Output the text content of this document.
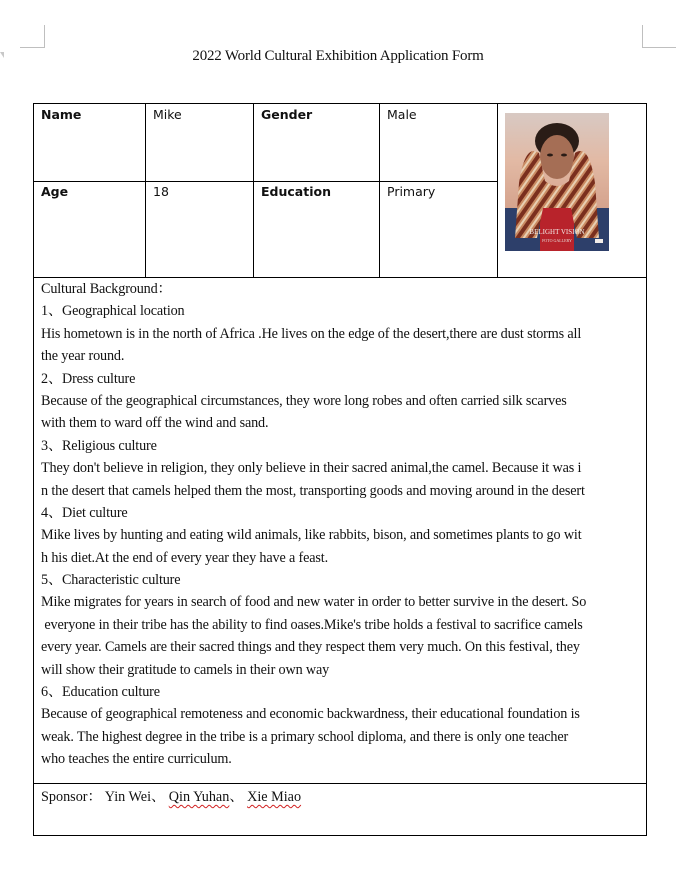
2022 World Cultural Exhibition Application Form
Name	Mike	Gender	Male
Age	18	Education	Primary
BELIGHT VISION
FOTO GALLERY
Cultural Background：
1、Geographical location
His hometown is in the north of Africa .He lives on the edge of the desert,there are dust storms all
the year round.
2、Dress culture
Because of the geographical circumstances, they wore long robes and often carried silk scarves
with them to ward off the wind and sand.
3、Religious culture
They don't believe in religion, they only believe in their sacred animal,the camel. Because it was i
n the desert that camels helped them the most, transporting goods and moving around in the desert
4、Diet culture
Mike lives by hunting and eating wild animals, like rabbits, bison, and sometimes plants to go wit
h his diet.At the end of every year they have a feast.
5、Characteristic culture
Mike migrates for years in search of food and new water in order to better survive in the desert. So
everyone in their tribe has the ability to find oases.Mike's tribe holds a festival to sacrifice camels
every year. Camels are their sacred things and they respect them very much. On this festival, they
will show their gratitude to camels in their own way
6、Education culture
Because of geographical remoteness and economic backwardness, their educational foundation is
weak. The highest degree in the tribe is a primary school diploma, and there is only one teacher
who teaches the entire curriculum.
Sponsor： Yin Wei、 Qin Yuhan、 Xie Miao
